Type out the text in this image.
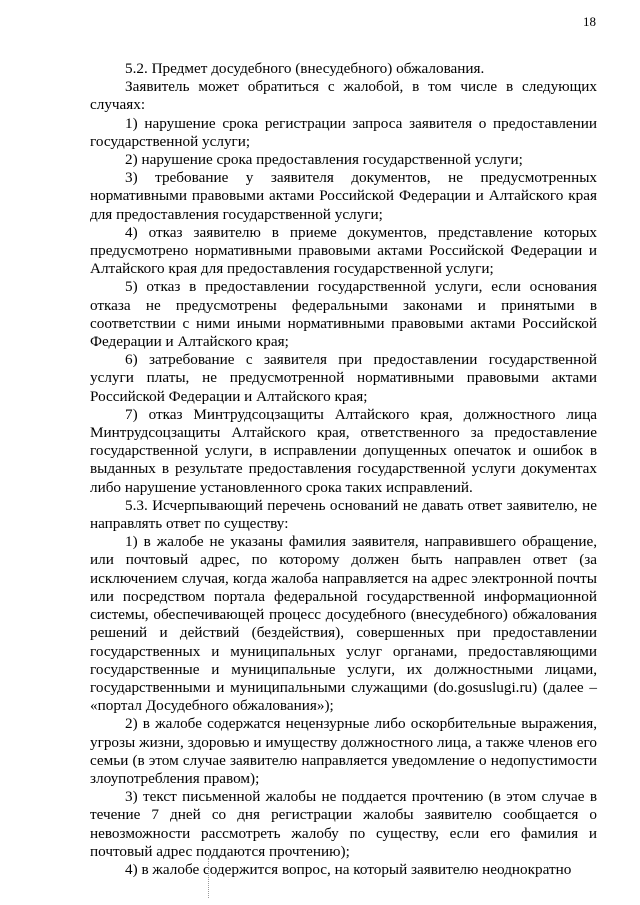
18

5.2. Предмет досудебного (внесудебного) обжалования.

Заявитель может обратиться с жалобой, в том числе в следующих случаях:

1) нарушение срока регистрации запроса заявителя о предоставлении государственной услуги;

2) нарушение срока предоставления государственной услуги;

3) требование у заявителя документов, не предусмотренных нормативными правовыми актами Российской Федерации и Алтайского края для предоставления государственной услуги;

4) отказ заявителю в приеме документов, представление которых предусмотрено нормативными правовыми актами Российской Федерации и Алтайского края для предоставления государственной услуги;

5) отказ в предоставлении государственной услуги, если основания отказа не предусмотрены федеральными законами и принятыми в соответствии с ними иными нормативными правовыми актами Российской Федерации и Алтайского края;

6) затребование с заявителя при предоставлении государственной услуги платы, не предусмотренной нормативными правовыми актами Российской Федерации и Алтайского края;

7) отказ Минтрудсоцзащиты Алтайского края, должностного лица Минтрудсоцзащиты Алтайского края, ответственного за предоставление государственной услуги, в исправлении допущенных опечаток и ошибок в выданных в результате предоставления государственной услуги документах либо нарушение установленного срока таких исправлений.

5.3. Исчерпывающий перечень оснований не давать ответ заявителю, не направлять ответ по существу:

1) в жалобе не указаны фамилия заявителя, направившего обращение, или почтовый адрес, по которому должен быть направлен ответ (за исключением случая, когда жалоба направляется на адрес электронной почты или посредством портала федеральной государственной информационной системы, обеспечивающей процесс досудебного (внесудебного) обжалования решений и действий (бездействия), совершенных при предоставлении государственных и муниципальных услуг органами, предоставляющими государственные и муниципальные услуги, их должностными лицами, государственными и муниципальными служащими (do.gosuslugi.ru) (далее – «портал Досудебного обжалования»);

2) в жалобе содержатся нецензурные либо оскорбительные выражения, угрозы жизни, здоровью и имуществу должностного лица, а также членов его семьи (в этом случае заявителю направляется уведомление о недопустимости злоупотребления правом);

3) текст письменной жалобы не поддается прочтению (в этом случае в течение 7 дней со дня регистрации жалобы заявителю сообщается о невозможности рассмотреть жалобу по существу, если его фамилия и почтовый адрес поддаются прочтению);

4) в жалобе содержится вопрос, на который заявителю неоднократно
